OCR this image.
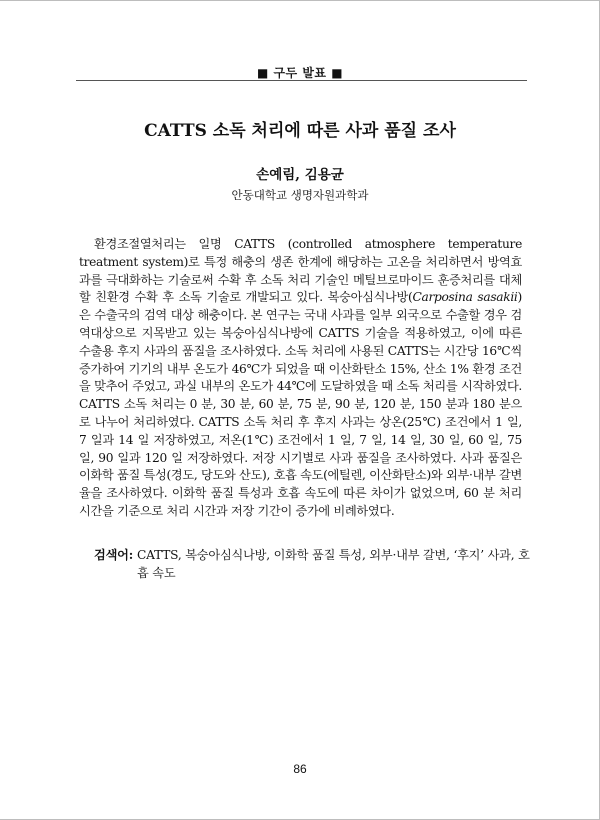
■ 구두 발표 ■
CATTS 소독 처리에 따른 사과 품질 조사
손예림, 김용균
안동대학교 생명자원과학과

환경조절열처리는 일명 CATTS (controlled atmosphere temperature treatment system)로 특정 해충의 생존 한계에 해당하는 고온을 처리하면서 방역효과를 극대화하는 기술로써 수확 후 소독 처리 기술인 메틸브로마이드 훈증처리를 대체할 친환경 수확 후 소독 기술로 개발되고 있다. 복숭아심식나방(Carposina sasakii)은 수출국의 검역 대상 해충이다. 본 연구는 국내 사과를 일부 외국으로 수출할 경우 검역대상으로 지목받고 있는 복숭아심식나방에 CATTS 기술을 적용하였고, 이에 따른 수출용 후지 사과의 품질을 조사하였다. 소독 처리에 사용된 CATTS는 시간당 16℃씩 증가하여 기기의 내부 온도가 46℃가 되었을 때 이산화탄소 15%, 산소 1% 환경 조건을 맞추어 주었고, 과실 내부의 온도가 44℃에 도달하였을 때 소독 처리를 시작하였다. CATTS 소독 처리는 0 분, 30 분, 60 분, 75 분, 90 분, 120 분, 150 분과 180 분으로 나누어 처리하였다. CATTS 소독 처리 후 후지 사과는 상온(25℃) 조건에서 1 일, 7 일과 14 일 저장하였고, 저온(1℃) 조건에서 1 일, 7 일, 14 일, 30 일, 60 일, 75 일, 90 일과 120 일 저장하였다. 저장 시기별로 사과 품질을 조사하였다. 사과 품질은 이화학 품질 특성(경도, 당도와 산도), 호흡 속도(에틸렌, 이산화탄소)와 외부·내부 갈변율을 조사하였다. 이화학 품질 특성과 호흡 속도에 따른 차이가 없었으며, 60 분 처리 시간을 기준으로 처리 시간과 저장 기간이 증가에 비례하였다.

검색어: CATTS, 복숭아심식나방, 이화학 품질 특성, 외부·내부 갈변, ‘후지’ 사과, 호흡 속도
86
